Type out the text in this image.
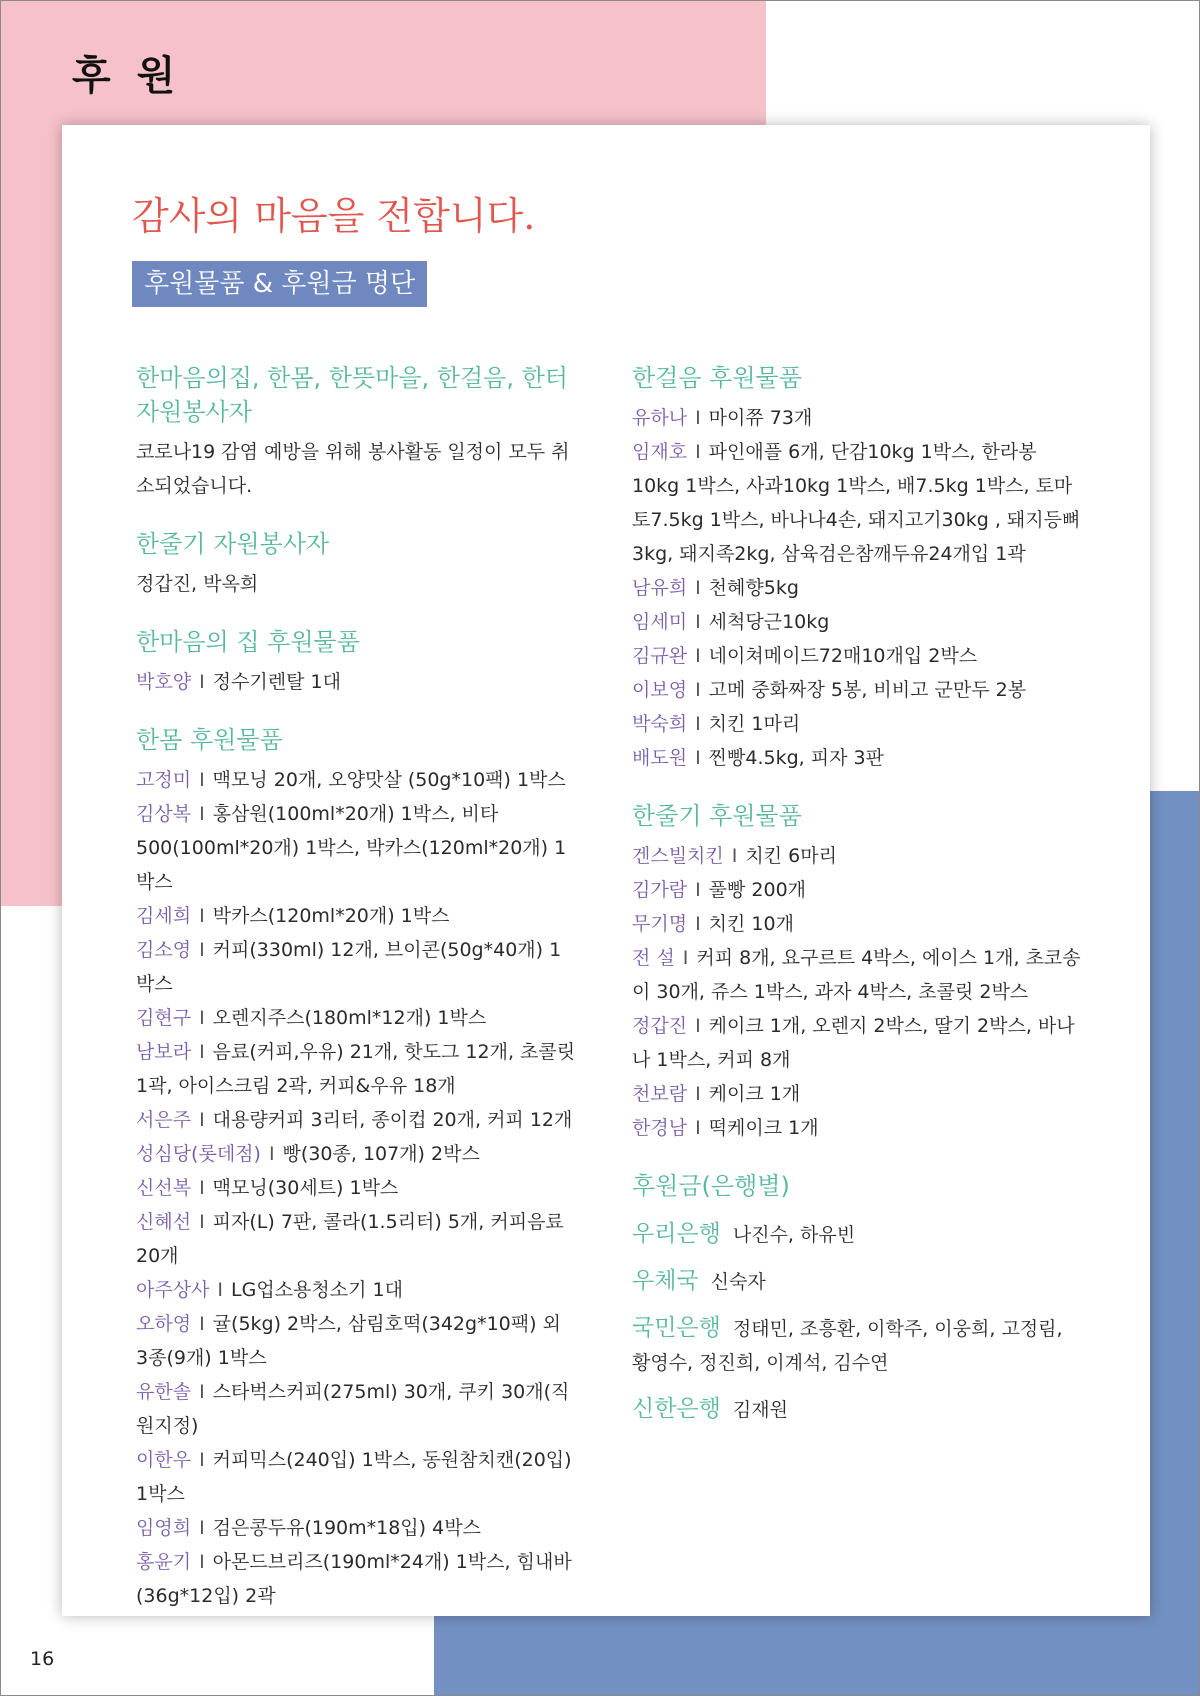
후 원
16
감사의 마음을 전합니다.
후원물품 & 후원금 명단

한마음의집, 한몸, 한뜻마을, 한걸음, 한터 자원봉사자

코로나19 감염 예방을 위해 봉사활동 일정이 모두 취소되었습니다.

한줄기 자원봉사자

정갑진, 박옥희

한마음의 집 후원물품

박호양 I 정수기렌탈 1대

한몸 후원물품

고정미 I 맥모닝 20개, 오양맛살 (50g*10팩) 1박스

김상복 I 홍삼원(100ml*20개) 1박스, 비타500(100ml*20개) 1박스, 박카스(120ml*20개) 1박스

김세희 I 박카스(120ml*20개) 1박스

김소영 I 커피(330ml) 12개, 브이콘(50g*40개) 1박스

김현구 I 오렌지주스(180ml*12개) 1박스

남보라 I 음료(커피,우유) 21개, 핫도그 12개, 초콜릿 1곽, 아이스크림 2곽, 커피&우유 18개

서은주 I 대용량커피 3리터, 종이컵 20개, 커피 12개

성심당(롯데점) I 빵(30종, 107개) 2박스

신선복 I 맥모닝(30세트) 1박스

신혜선 I 피자(L) 7판, 콜라(1.5리터) 5개, 커피음료 20개

아주상사 I LG업소용청소기 1대

오하영 I 귤(5kg) 2박스, 삼림호떡(342g*10팩) 외 3종(9개) 1박스

유한솔 I 스타벅스커피(275ml) 30개, 쿠키 30개(직원지정)

이한우 I 커피믹스(240입) 1박스, 동원참치캔(20입) 1박스

임영희 I 검은콩두유(190m*18입) 4박스

홍윤기 I 아몬드브리즈(190ml*24개) 1박스, 힘내바(36g*12입) 2곽

한걸음 후원물품

유하나 I 마이쮸 73개

임재호 I 파인애플 6개, 단감10kg 1박스, 한라봉10kg 1박스, 사과10kg 1박스, 배7.5kg 1박스, 토마토7.5kg 1박스, 바나나4손, 돼지고기30kg , 돼지등뼈3kg, 돼지족2kg, 삼육검은참깨두유24개입 1곽

남유희 I 천혜향5kg

임세미 I 세척당근10kg

김규완 I 네이쳐메이드72매10개입 2박스

이보영 I 고메 중화짜장 5봉, 비비고 군만두 2봉

박숙희 I 치킨 1마리

배도원 I 찐빵4.5kg, 피자 3판

한줄기 후원물품

겐스빌치킨 I 치킨 6마리

김가람 I 풀빵 200개

무기명 I 치킨 10개

전 설 I 커피 8개, 요구르트 4박스, 에이스 1개, 초코송이 30개, 쥬스 1박스, 과자 4박스, 초콜릿 2박스

정갑진 I 케이크 1개, 오렌지 2박스, 딸기 2박스, 바나나 1박스, 커피 8개

천보람 I 케이크 1개

한경남 I 떡케이크 1개

후원금(은행별)

우리은행 나진수, 하유빈

우체국 신숙자

국민은행 정태민, 조흥환, 이학주, 이웅희, 고정림, 황영수, 정진희, 이계석, 김수연

신한은행 김재원
